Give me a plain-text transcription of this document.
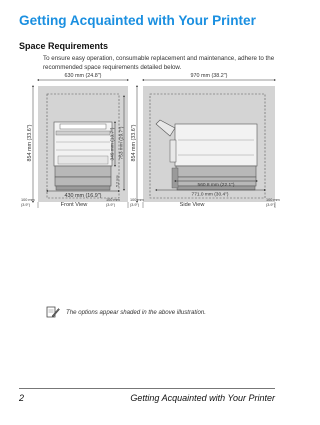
Getting Acquainted with Your Printer
Space Requirements

To ensure easy operation, consumable replacement and maintenance, adhere to the recommended space requirements detailed below.

630 mm (24.8")
854 mm (33.6")
430 mm (16.9")
349 mm (13.7") 753 mm (29.7")
5.2 mm
100 mm
(3.9")
100 mm
(3.9")
Front View
970 mm (38.2")
854 mm (33.6")
560.8 mm (22.1")
771.0 mm (30.4")
100 mm
(3.9")
100 mm
(3.9")
Side View
The options appear shaded in the above illustration.
2	Getting Acquainted with Your Printer
